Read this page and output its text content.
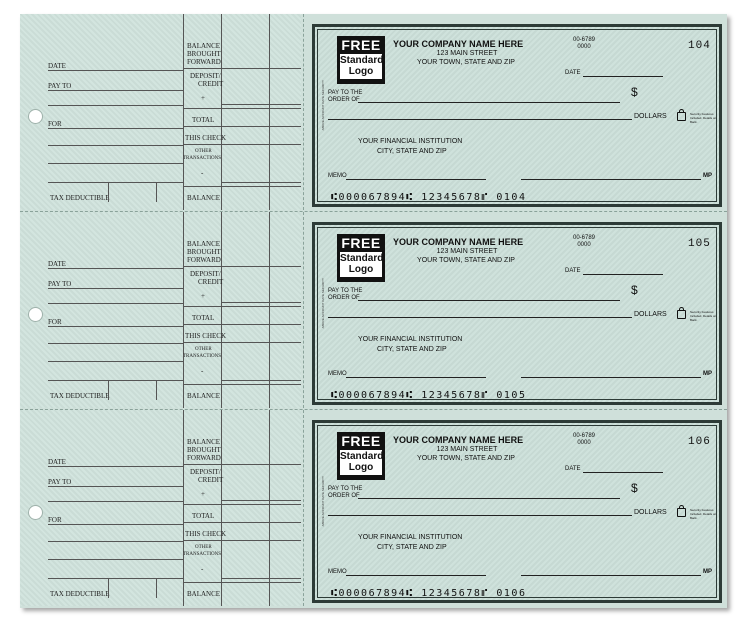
DATE
PAY TO
FOR
TAX DEDUCTIBLE
BALANCE
BROUGHT
FORWARD
DEPOSIT/
CREDIT
+
TOTAL
THIS CHECK
OTHER
TRANSACTIONS
-
BALANCE
ABOVE ACCOUNT DATE SECURITY
FREE
Standard
Logo
YOUR COMPANY NAME HERE
123 MAIN STREET
YOUR TOWN, STATE AND ZIP
00-6789
0000	104
DATE
PAY TO THE
ORDER OF
$
DOLLARS	Security Features Included. Details on Back.
YOUR FINANCIAL INSTITUTION
CITY, STATE AND ZIP
MEMO	MP
⑆000067894⑆ 12345678⑈ 0104
DATE
PAY TO
FOR
TAX DEDUCTIBLE
BALANCE
BROUGHT
FORWARD
DEPOSIT/
CREDIT
+
TOTAL
THIS CHECK
OTHER
TRANSACTIONS
-
BALANCE
ABOVE ACCOUNT DATE SECURITY
FREE
Standard
Logo
YOUR COMPANY NAME HERE
123 MAIN STREET
YOUR TOWN, STATE AND ZIP
00-6789
0000	105
DATE
PAY TO THE
ORDER OF
$
DOLLARS	Security Features Included. Details on Back.
YOUR FINANCIAL INSTITUTION
CITY, STATE AND ZIP
MEMO	MP
⑆000067894⑆ 12345678⑈ 0105
DATE
PAY TO
FOR
TAX DEDUCTIBLE
BALANCE
BROUGHT
FORWARD
DEPOSIT/
CREDIT
+
TOTAL
THIS CHECK
OTHER
TRANSACTIONS
-
BALANCE
ABOVE ACCOUNT DATE SECURITY
FREE
Standard
Logo
YOUR COMPANY NAME HERE
123 MAIN STREET
YOUR TOWN, STATE AND ZIP
00-6789
0000	106
DATE
PAY TO THE
ORDER OF
$
DOLLARS	Security Features Included. Details on Back.
YOUR FINANCIAL INSTITUTION
CITY, STATE AND ZIP
MEMO	MP
⑆000067894⑆ 12345678⑈ 0106
